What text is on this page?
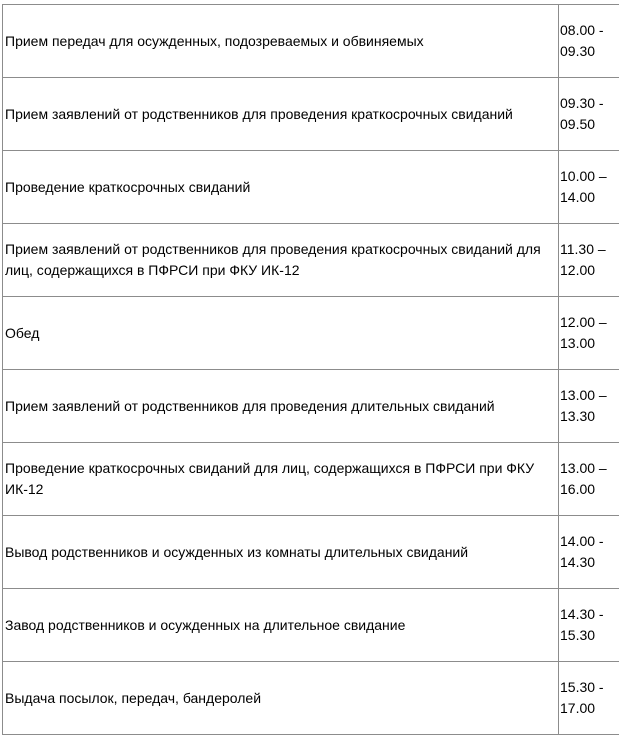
Прием передач для осужденных, подозреваемых и обвиняемых	08.00 -
09.30
Прием заявлений от родственников для проведения краткосрочных свиданий	09.30 -
09.50
Проведение краткосрочных свиданий	10.00 –
14.00
Прием заявлений от родственников для проведения краткосрочных свиданий для лиц, содержащихся в ПФРСИ при ФКУ ИК-12	11.30 –
12.00
Обед	12.00 –
13.00
Прием заявлений от родственников для проведения длительных свиданий	13.00 –
13.30
Проведение краткосрочных свиданий для лиц, содержащихся в ПФРСИ при ФКУ ИК-12	13.00 –
16.00
Вывод родственников и осужденных из комнаты длительных свиданий	14.00 -
14.30
Завод родственников и осужденных на длительное свидание	14.30 -
15.30
Выдача посылок, передач, бандеролей	15.30 -
17.00
